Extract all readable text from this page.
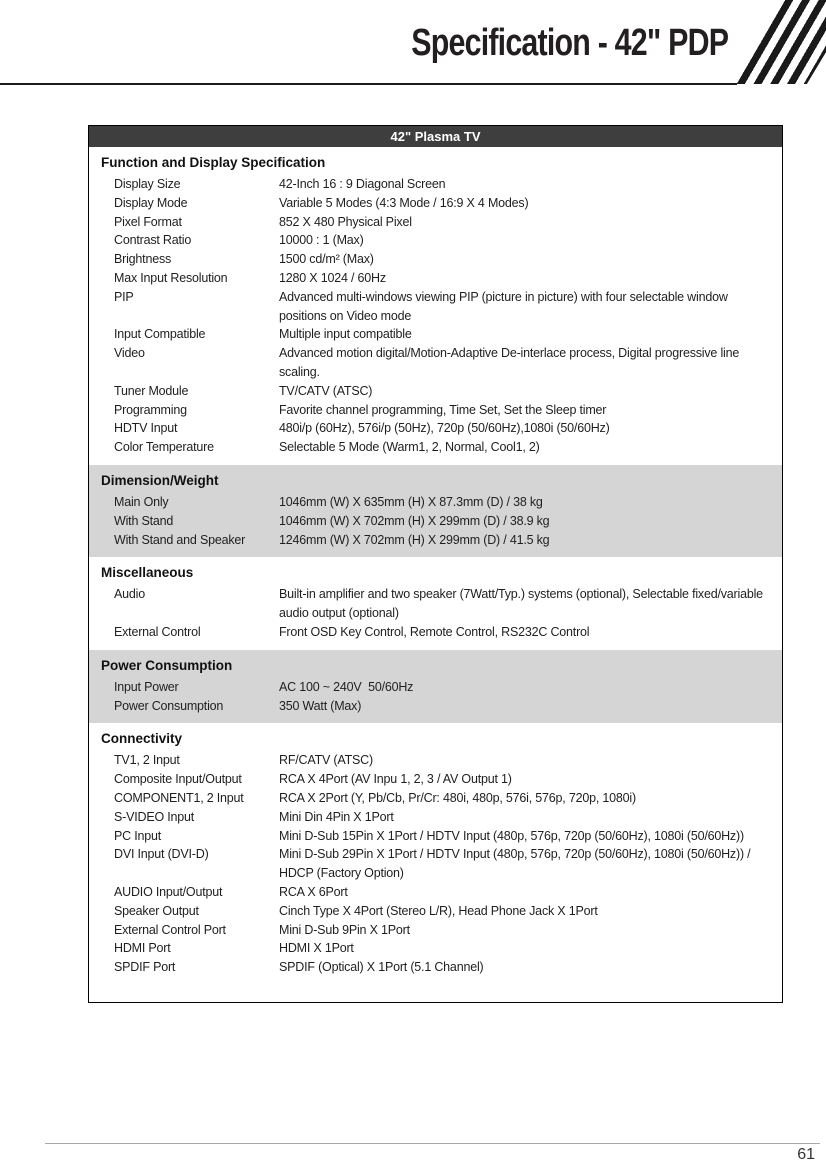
Specification - 42" PDP
42" Plasma TV
Function and Display Specification
Display Size	42-Inch 16 : 9 Diagonal Screen
Display Mode	Variable 5 Modes (4:3 Mode / 16:9 X 4 Modes)
Pixel Format	852 X 480 Physical Pixel
Contrast Ratio	10000 : 1 (Max)
Brightness	1500 cd/m² (Max)
Max Input Resolution	1280 X 1024 / 60Hz
PIP	Advanced multi-windows viewing PIP (picture in picture) with four selectable window positions on Video mode
Input Compatible	Multiple input compatible
Video	Advanced motion digital/Motion-Adaptive De-interlace process, Digital progressive line scaling.
Tuner Module	TV/CATV (ATSC)
Programming	Favorite channel programming, Time Set, Set the Sleep timer
HDTV Input	480i/p (60Hz), 576i/p (50Hz), 720p (50/60Hz),1080i (50/60Hz)
Color Temperature	Selectable 5 Mode (Warm1, 2, Normal, Cool1, 2)
Dimension/Weight
Main Only	1046mm (W) X 635mm (H) X 87.3mm (D) / 38 kg
With Stand	1046mm (W) X 702mm (H) X 299mm (D) / 38.9 kg
With Stand and Speaker	1246mm (W) X 702mm (H) X 299mm (D) / 41.5 kg
Miscellaneous
Audio	Built-in amplifier and two speaker (7Watt/Typ.) systems (optional), Selectable fixed/variable audio output (optional)
External Control	Front OSD Key Control, Remote Control, RS232C Control
Power Consumption
Input Power	AC 100 ~ 240V  50/60Hz
Power Consumption	350 Watt (Max)
Connectivity
TV1, 2 Input	RF/CATV (ATSC)
Composite Input/Output	RCA X 4Port (AV Inpu 1, 2, 3 / AV Output 1)
COMPONENT1, 2 Input	RCA X 2Port (Y, Pb/Cb, Pr/Cr: 480i, 480p, 576i, 576p, 720p, 1080i)
S-VIDEO Input	Mini Din 4Pin X 1Port
PC Input	Mini D-Sub 15Pin X 1Port / HDTV Input (480p, 576p, 720p (50/60Hz), 1080i (50/60Hz))
DVI Input (DVI-D)	Mini D-Sub 29Pin X 1Port / HDTV Input (480p, 576p, 720p (50/60Hz), 1080i (50/60Hz)) / HDCP (Factory Option)
AUDIO Input/Output	RCA X 6Port
Speaker Output	Cinch Type X 4Port (Stereo L/R), Head Phone Jack X 1Port
External Control Port	Mini D-Sub 9Pin X 1Port
HDMI Port	HDMI X 1Port
SPDIF Port	SPDIF (Optical) X 1Port (5.1 Channel)
61
